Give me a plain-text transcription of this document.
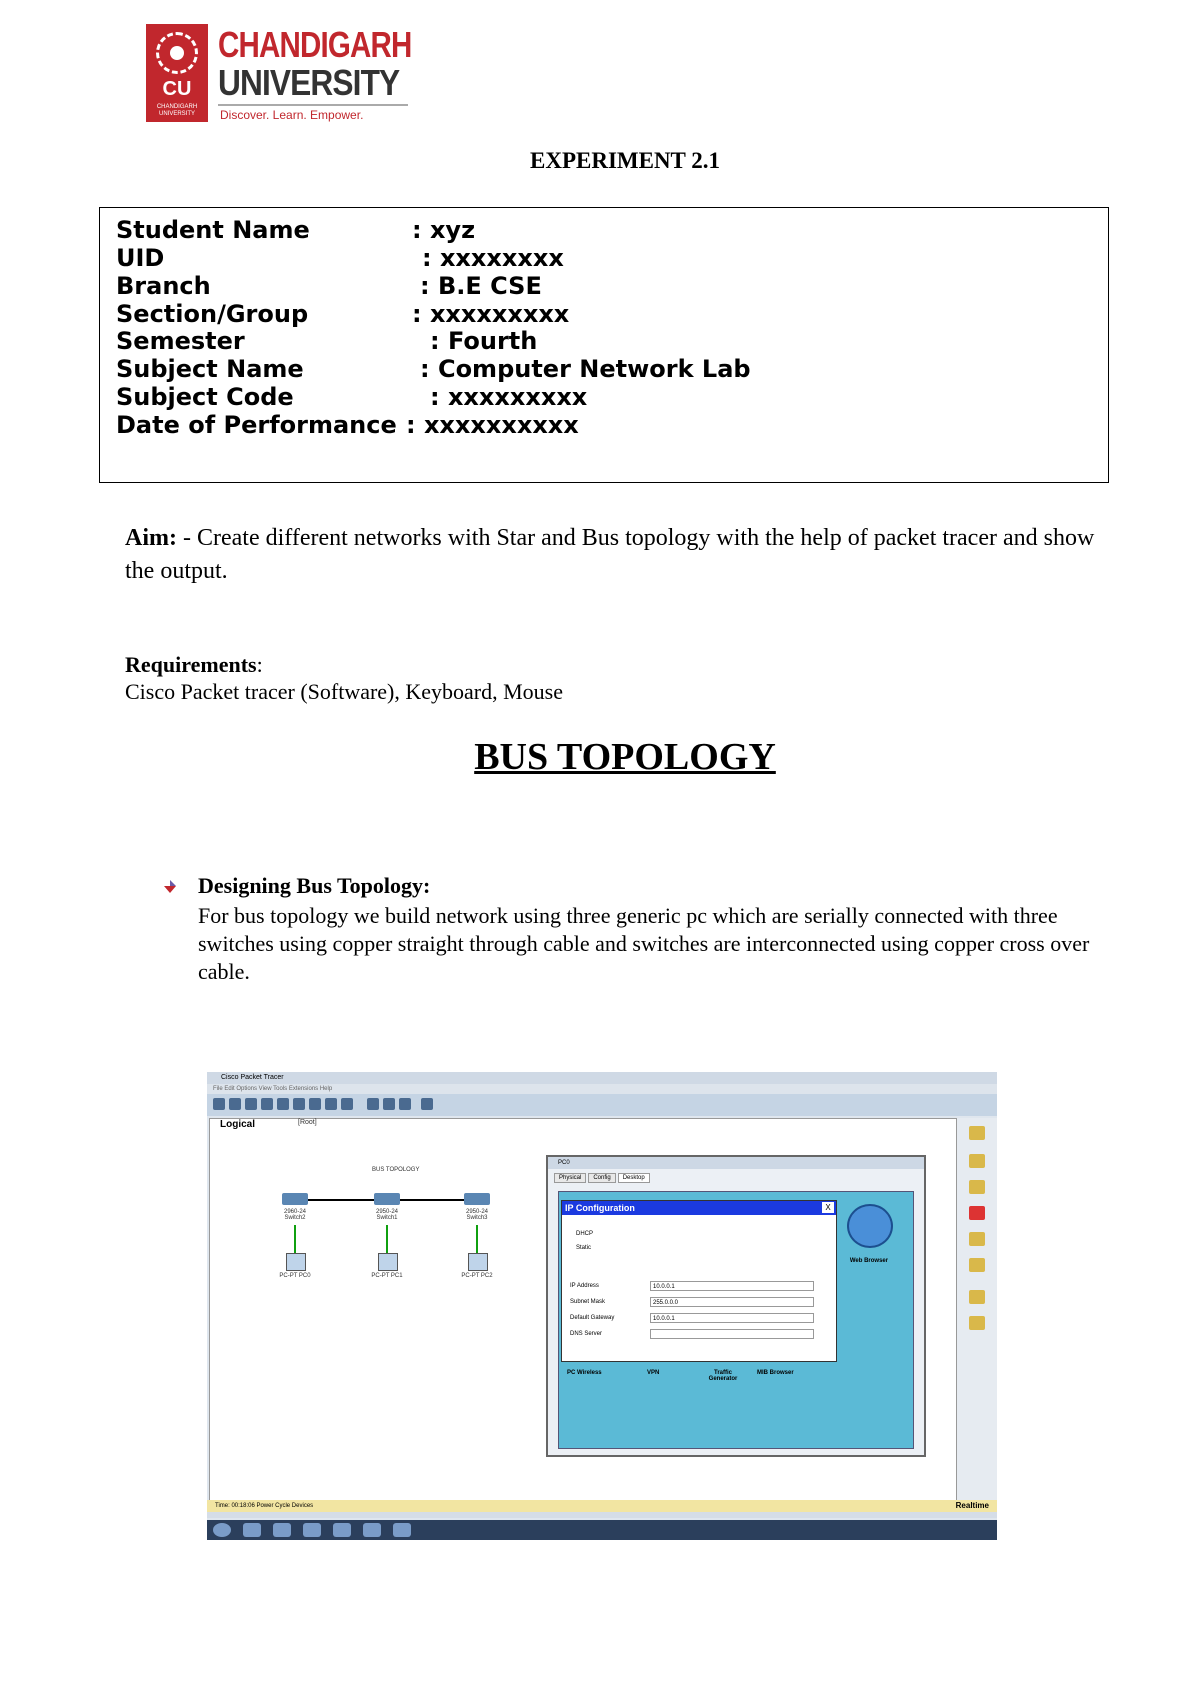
CU
CHANDIGARH UNIVERSITY
CHANDIGARH
UNIVERSITY
Discover. Learn. Empower.
EXPERIMENT 2.1
Student Name	: xyz
UID	: xxxxxxxx
Branch	: B.E CSE
Section/Group	: xxxxxxxxx
Semester	: Fourth
Subject Name	: Computer Network Lab
Subject Code	: xxxxxxxxx
Date of Performance : xxxxxxxxxx
Aim: - Create different networks with Star and Bus topology with the help of packet tracer and show
the output.
Requirements:
Cisco Packet tracer (Software), Keyboard, Mouse
BUS TOPOLOGY
Designing Bus Topology:
For bus topology we build network using three generic pc which are serially connected with three switches using copper straight through cable and switches are interconnected using copper cross over cable.
Cisco Packet Tracer
File Edit Options View Tools Extensions Help
Logical	[Root]
BUS TOPOLOGY
2960-24 Switch2
2950-24 Switch1
2950-24 Switch3
PC-PT PC0	PC-PT PC1	PC-PT PC2
PC0
Physical Config Desktop
IP Configuration	X
DHCP
Static
IP Address	10.0.0.1
Subnet Mask	255.0.0.0
Default Gateway	10.0.0.1
DNS Server
Web Browser
PC Wireless	VPN	Traffic Generator
MIB Browser
Time: 00:18:06 Power Cycle Devices	Realtime
